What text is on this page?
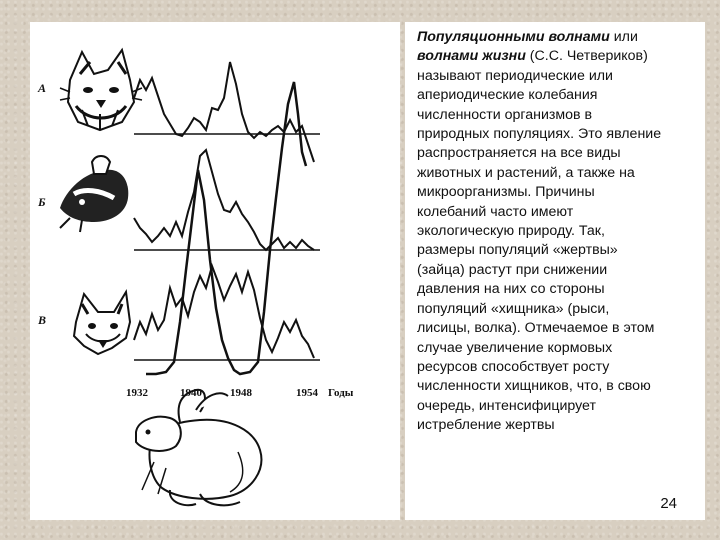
А
Б
В
1932	1940	1948	1954 Годы
Популяционными волнами или волнами жизни (С.С. Четвериков) называют периодические или апериодические колебания численности организмов в природных популяциях. Это явление распространяется на все виды животных и растений, а также на микроорганизмы. Причины колебаний часто имеют экологическую природу. Так, размеры популяций «жертвы» (зайца) растут при снижении давления на них со стороны популяций «хищника» (рыси, лисицы, волка). Отмечаемое в этом случае увеличение кормовых ресурсов способствует росту численности хищников, что, в свою очередь, интенсифицирует истребление жертвы
24
